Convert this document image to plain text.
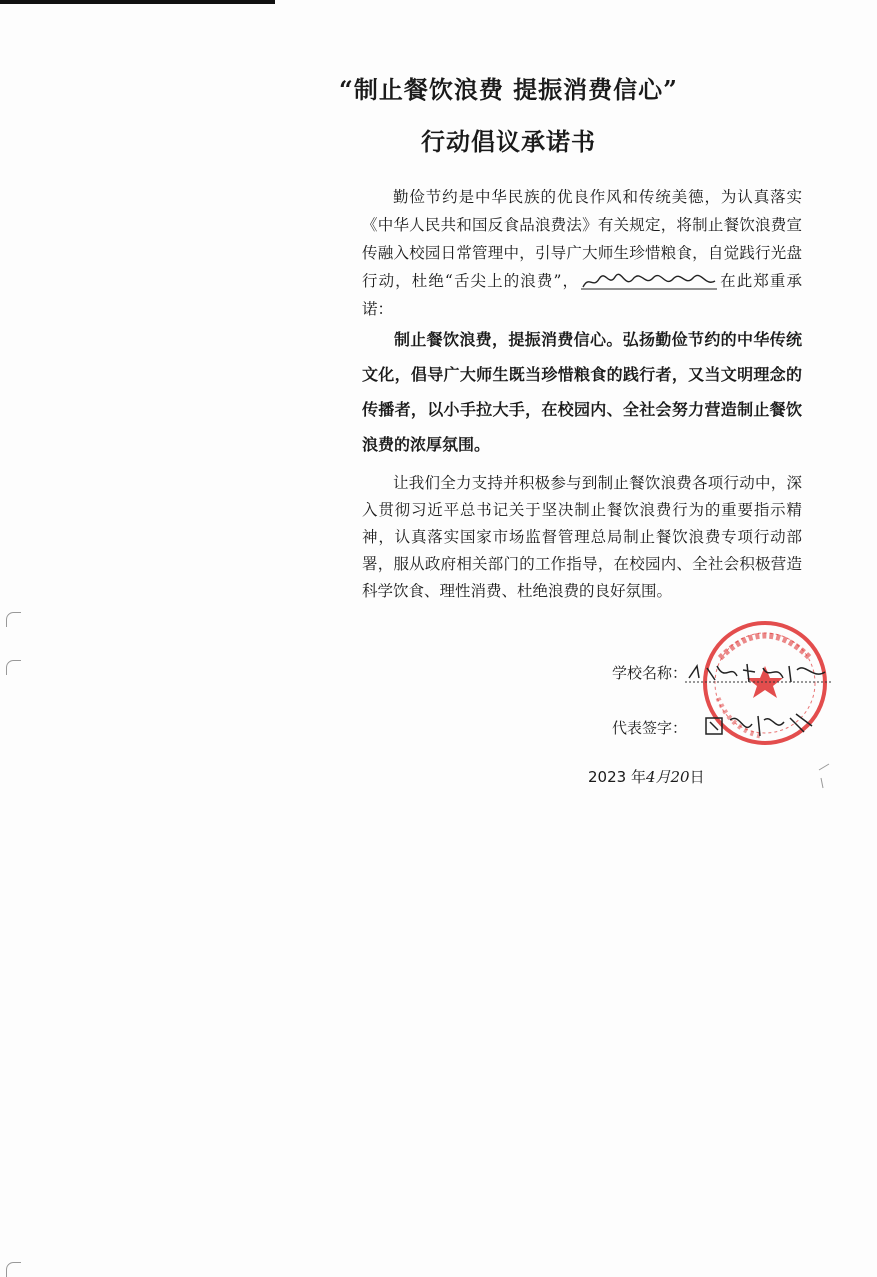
“制止餐饮浪费 提振消费信心”
行动倡议承诺书

勤俭节约是中华民族的优良作风和传统美德，为认真落实《中华人民共和国反食品浪费法》有关规定，将制止餐饮浪费宣传融入校园日常管理中，引导广大师生珍惜粮食，自觉践行光盘行动，杜绝“舌尖上的浪费”，	在此郑重承诺：

制止餐饮浪费，提振消费信心。弘扬勤俭节约的中华传统文化，倡导广大师生既当珍惜粮食的践行者，又当文明理念的传播者，以小手拉大手，在校园内、全社会努力营造制止餐饮浪费的浓厚氛围。

让我们全力支持并积极参与到制止餐饮浪费各项行动中，深入贯彻习近平总书记关于坚决制止餐饮浪费行为的重要指示精神，认真落实国家市场监督管理总局制止餐饮浪费专项行动部署，服从政府相关部门的工作指导，在校园内、全社会积极营造科学饮食、理性消费、杜绝浪费的良好氛围。

学校名称：
代表签字：
2023 年4月20日
